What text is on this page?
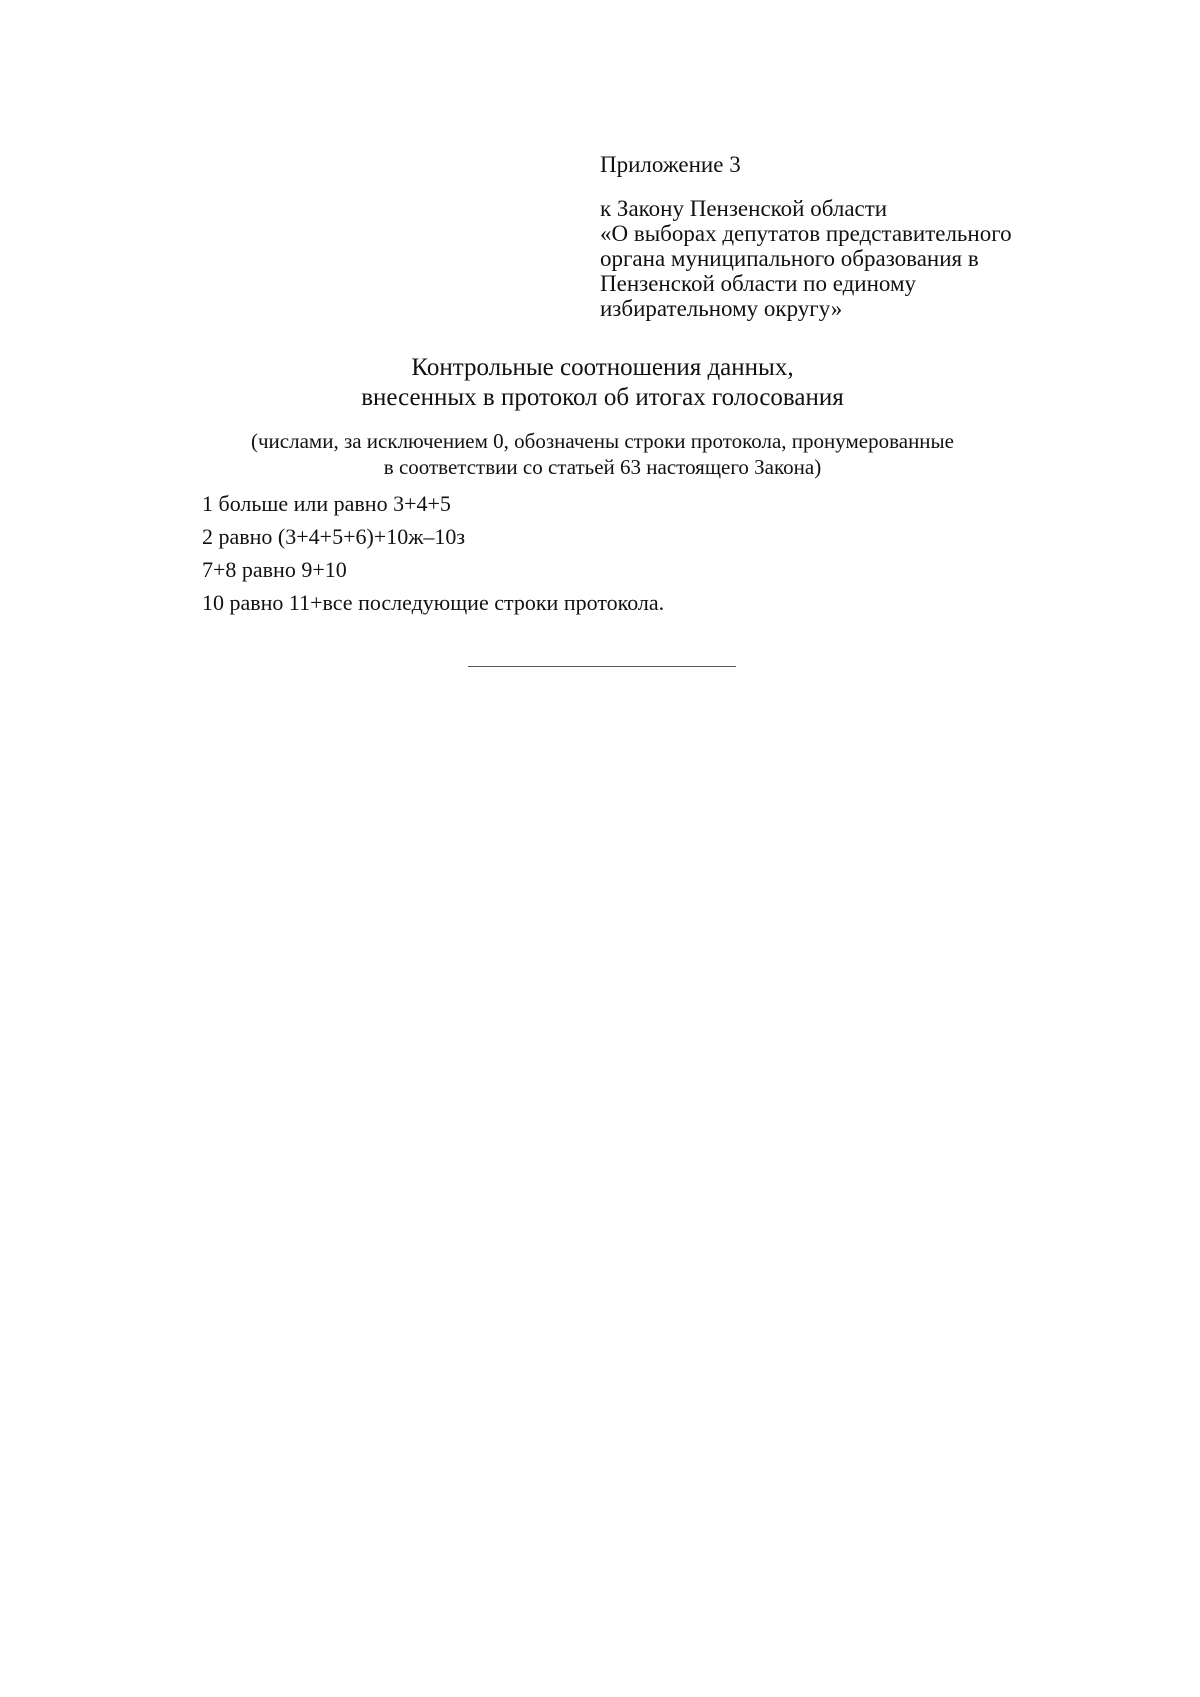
Приложение 3

к Закону Пензенской области
«О выборах депутатов представительного
органа муниципального образования в
Пензенской области по единому
избирательному округу»

Контрольные соотношения данных,
внесенных в протокол об итогах голосования
(числами, за исключением 0, обозначены строки протокола, пронумерованные
в соответствии со статьей 63 настоящего Закона)

1 больше или равно 3+4+5

2 равно (3+4+5+6)+10ж–10з

7+8 равно 9+10

10 равно 11+все последующие строки протокола.
